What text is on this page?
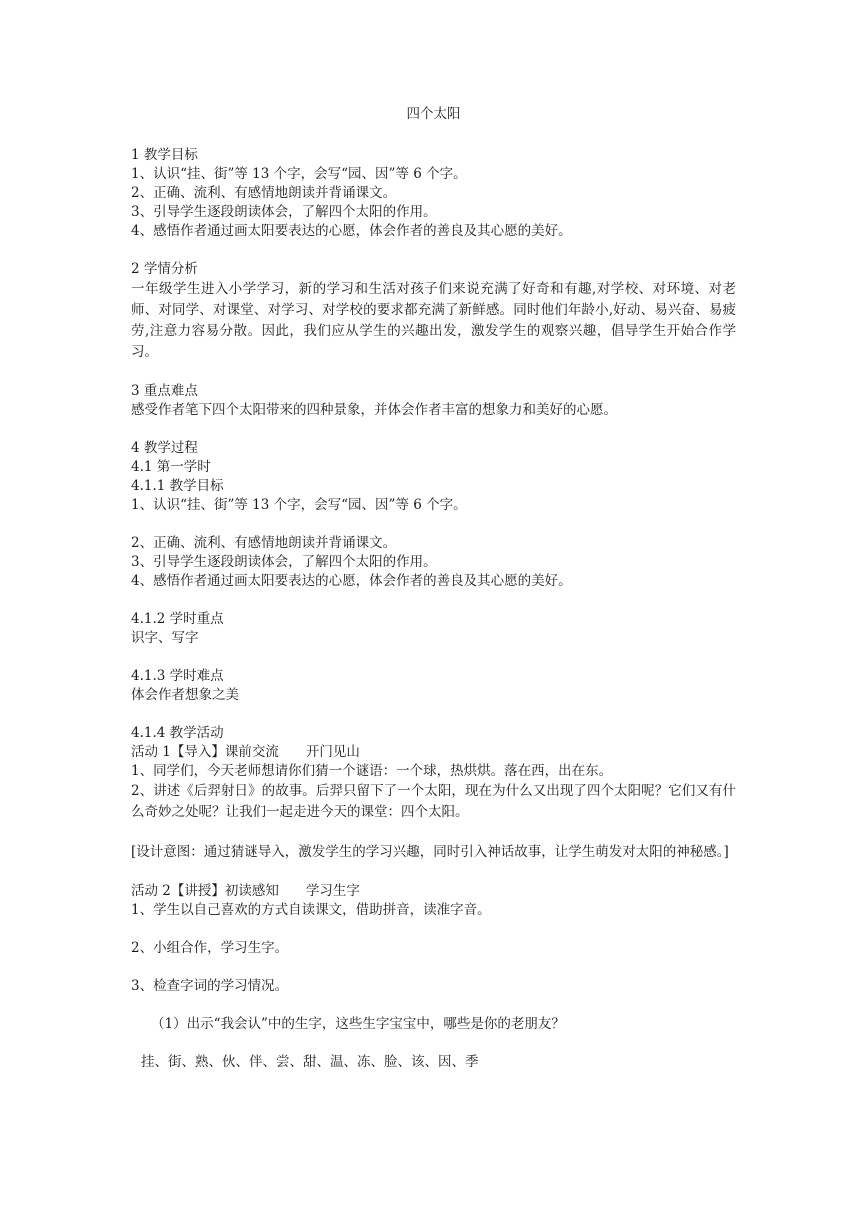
四个太阳
1 教学目标
1、认识“挂、街”等 13 个字，会写“园、因”等 6 个字。
2、正确、流利、有感情地朗读并背诵课文。
3、引导学生逐段朗读体会，了解四个太阳的作用。
4、感悟作者通过画太阳要表达的心愿，体会作者的善良及其心愿的美好。
2 学情分析
一年级学生进入小学学习，新的学习和生活对孩子们来说充满了好奇和有趣,对学校、对环境、对老师、对同学、对课堂、对学习、对学校的要求都充满了新鲜感。同时他们年龄小,好动、易兴奋、易疲劳,注意力容易分散。因此，我们应从学生的兴趣出发，激发学生的观察兴趣，倡导学生开始合作学习。
3 重点难点
感受作者笔下四个太阳带来的四种景象，并体会作者丰富的想象力和美好的心愿。
4 教学过程
4.1 第一学时
4.1.1 教学目标
1、认识“挂、街”等 13 个字，会写“园、因”等 6 个字。
2、正确、流利、有感情地朗读并背诵课文。
3、引导学生逐段朗读体会，了解四个太阳的作用。
4、感悟作者通过画太阳要表达的心愿，体会作者的善良及其心愿的美好。
4.1.2 学时重点
识字、写字
4.1.3 学时难点
体会作者想象之美
4.1.4 教学活动
活动 1【导入】课前交流　　开门见山
1、同学们，今天老师想请你们猜一个谜语：一个球，热烘烘。落在西，出在东。
2、讲述《后羿射日》的故事。后羿只留下了一个太阳，现在为什么又出现了四个太阳呢？它们又有什么奇妙之处呢？让我们一起走进今天的课堂：四个太阳。
[设计意图：通过猜谜导入，激发学生的学习兴趣，同时引入神话故事，让学生萌发对太阳的神秘感。]
活动 2【讲授】初读感知　　学习生字
1、学生以自己喜欢的方式自读课文，借助拼音，读准字音。
2、小组合作，学习生字。
3、检查字词的学习情况。
（1）出示“我会认”中的生字，这些生字宝宝中，哪些是你的老朋友？
挂、街、熟、伙、伴、尝、甜、温、冻、脸、该、因、季
